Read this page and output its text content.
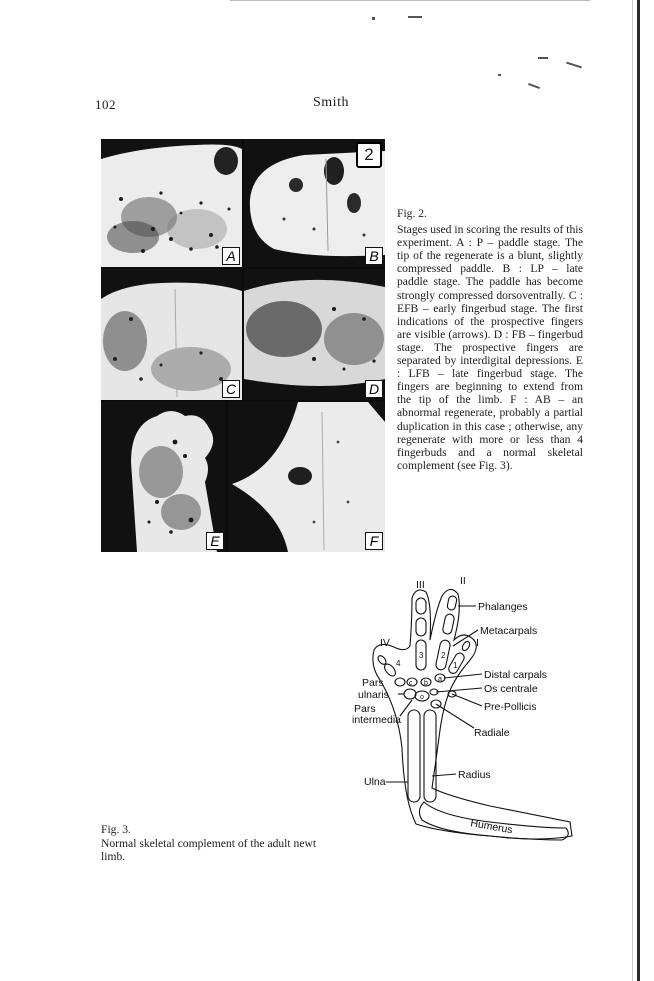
102	Smith
A
2
B
C	D
E	F
Fig. 2.
Stages used in scoring the results of this experiment. A : P – paddle stage. The tip of the regenerate is a blunt, slightly compressed paddle. B : LP – late paddle stage. The paddle has become strongly compressed dorsoventrally. C : EFB – early fingerbud stage. The first indications of the prospective fingers are visible (arrows). D : FB – fingerbud stage. The prospective fingers are separated by interdigital depressions. E : LFB – late fingerbud stage. The fingers are beginning to extend from the tip of the limb. F : AB – an abnormal regenerate, probably a partial duplication in this case ; otherwise, any regenerate with more or less than 4 fingerbuds and a normal skeletal complement (see Fig. 3).
III	II
IV	I
4
3 2
1
c b
a
o
Phalanges
Metacarpals
Distal carpals
Os centrale
Pre-Pollicis
Radiale
Radius
Ulna
Humerus
Pars
ulnaris
Pars
intermedia
Fig. 3.
Normal skeletal complement of the adult newt limb.
